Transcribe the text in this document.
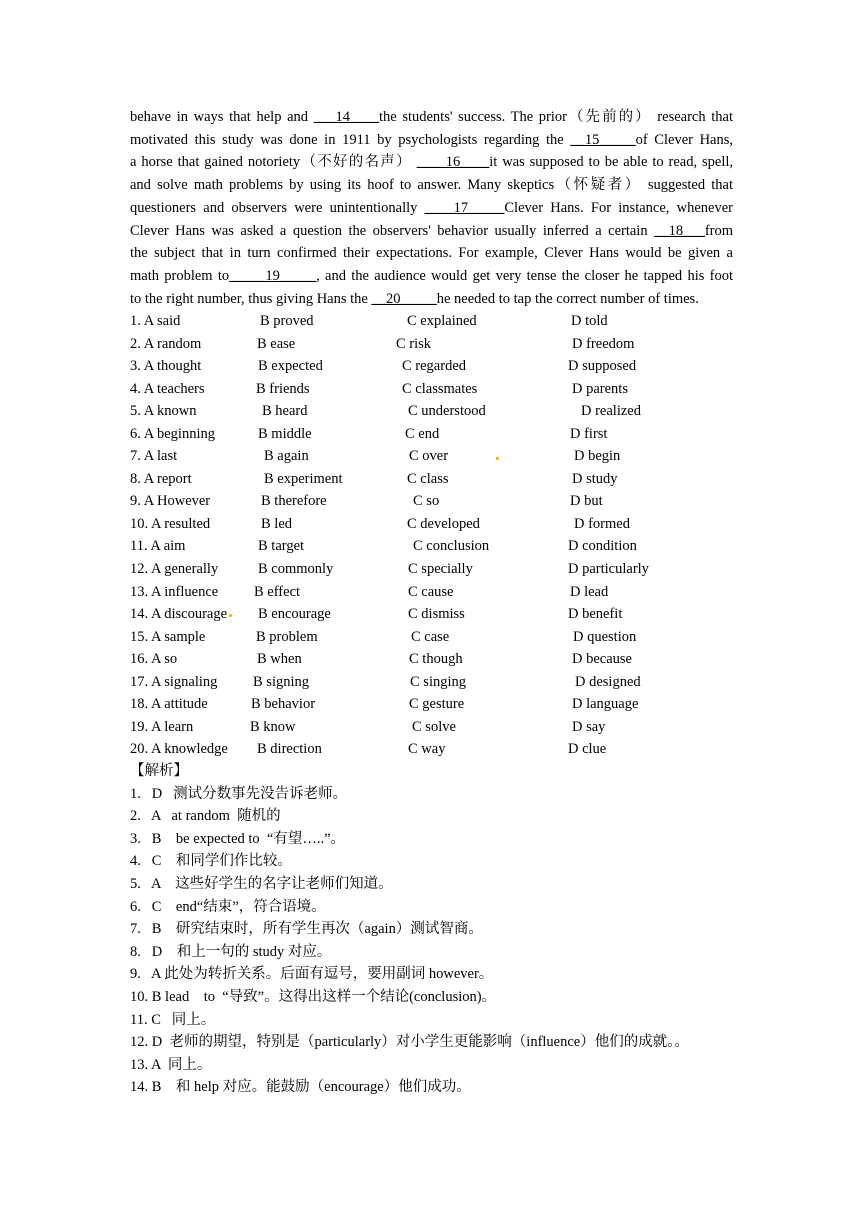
behave in ways that help and ___14____the students' success. The prior（先前的） research that
motivated this study was done in 1911 by psychologists regarding the __15_____of Clever Hans,
a horse that gained notoriety（不好的名声） ____16____it was supposed to be able to read, spell,
and solve math problems by using its hoof to answer. Many skeptics（怀疑者） suggested that
questioners and observers were unintentionally ____17_____Clever Hans. For instance, whenever
Clever Hans was asked a question the observers' behavior usually inferred a certain __18___from
the subject that in turn confirmed their expectations. For example, Clever Hans would be given a
math problem to_____19_____, and the audience would get very tense the closer he tapped his foot
to the right number, thus giving Hans the __20_____he needed to tap the correct number of times.
1. A said	B proved	C explained	D told
2. A random	B ease	C risk	D freedom
3. A thought	B expected	C regarded	D supposed
4. A teachers	B friends	C classmates	D parents
5. A known	B heard	C understood	D realized
6. A beginning	B middle	C end	D first
7. A last	B again	C over	D begin
8. A report	B experiment	C class	D study
9. A However	B therefore	C so	D but
10. A resulted	B led	C developed	D formed
11. A aim	B target	C conclusion	D condition
12. A generally	B commonly	C specially	D particularly
13. A influence B effect	C cause	D lead
14. A discourage B encourage	C dismiss	D benefit
15. A sample	B problem	C case	D question
16. A so	B when	C though	D because
17. A signaling B signing	C singing	D designed
18. A attitude	B behavior	C gesture	D language
19. A learn	B know	C solve	D say
20. A knowledge B direction	C way	D clue
【解析】
1.   D   测试分数事先没告诉老师。
2.   A   at random  随机的
3.   B    be expected to  “有望…..”。
4.   C    和同学们作比较。
5.   A    这些好学生的名字让老师们知道。
6.   C    end“结束”，符合语境。
7.   B    研究结束时，所有学生再次（again）测试智商。
8.   D    和上一句的 study 对应。
9.   A 此处为转折关系。后面有逗号，要用副词 however。
10. B lead    to  “导致”。这得出这样一个结论(conclusion)。
11. C   同上。
12. D  老师的期望，特别是（particularly）对小学生更能影响（influence）他们的成就。。
13. A  同上。
14. B    和 help 对应。能鼓励（encourage）他们成功。
